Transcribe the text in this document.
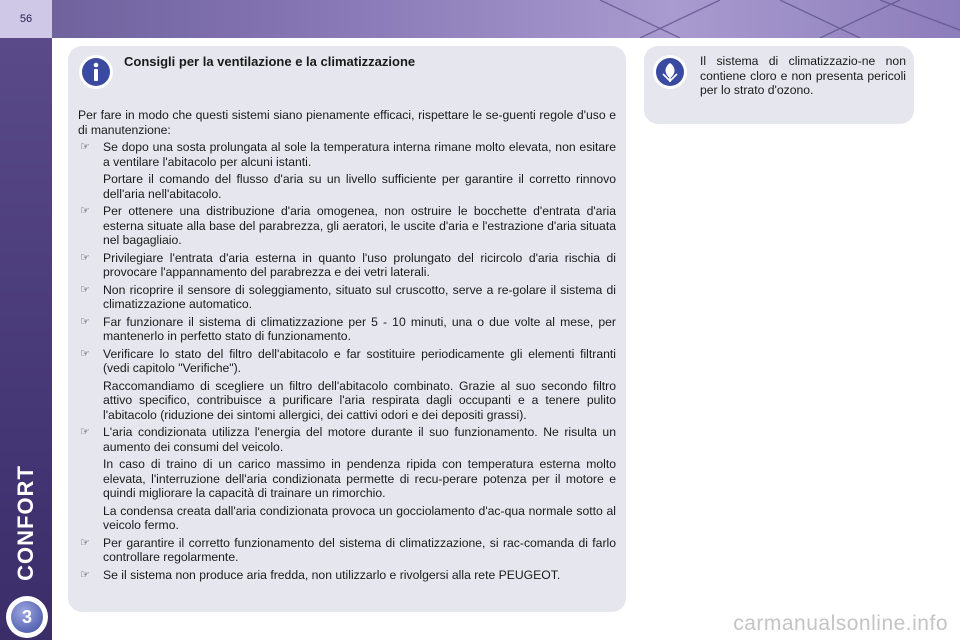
56
CONFORT
3
Consigli per la ventilazione e la climatizzazione

Per fare in modo che questi sistemi siano pienamente efficaci, rispettare le se-guenti regole d'uso e di manutenzione:

☞ Se dopo una sosta prolungata al sole la temperatura interna rimane molto elevata, non esitare a ventilare l'abitacolo per alcuni istanti.

Portare il comando del flusso d'aria su un livello sufficiente per garantire il corretto rinnovo dell'aria nell'abitacolo.

☞ Per ottenere una distribuzione d'aria omogenea, non ostruire le bocchette d'entrata d'aria esterna situate alla base del parabrezza, gli aeratori, le uscite d'aria e l'estrazione d'aria situata nel bagagliaio.

☞ Privilegiare l'entrata d'aria esterna in quanto l'uso prolungato del ricircolo d'aria rischia di provocare l'appannamento del parabrezza e dei vetri laterali.

☞ Non ricoprire il sensore di soleggiamento, situato sul cruscotto, serve a re-golare il sistema di climatizzazione automatico.

☞ Far funzionare il sistema di climatizzazione per 5 - 10 minuti, una o due volte al mese, per mantenerlo in perfetto stato di funzionamento.

☞ Verificare lo stato del filtro dell'abitacolo e far sostituire periodicamente gli elementi filtranti (vedi capitolo "Verifiche").

Raccomandiamo di scegliere un filtro dell'abitacolo combinato. Grazie al suo secondo filtro attivo specifico, contribuisce a purificare l'aria respirata dagli occupanti e a tenere pulito l'abitacolo (riduzione dei sintomi allergici, dei cattivi odori e dei depositi grassi).

☞ L'aria condizionata utilizza l'energia del motore durante il suo funzionamento. Ne risulta un aumento dei consumi del veicolo.

In caso di traino di un carico massimo in pendenza ripida con temperatura esterna molto elevata, l'interruzione dell'aria condizionata permette di recu-perare potenza per il motore e quindi migliorare la capacità di trainare un rimorchio.

La condensa creata dall'aria condizionata provoca un gocciolamento d'ac-qua normale sotto al veicolo fermo.

☞ Per garantire il corretto funzionamento del sistema di climatizzazione, si rac-comanda di farlo controllare regolarmente.

☞ Se il sistema non produce aria fredda, non utilizzarlo e rivolgersi alla rete PEUGEOT.

Il sistema di climatizzazio-ne non contiene cloro e non presenta pericoli per lo strato d'ozono.
carmanualsonline.info
